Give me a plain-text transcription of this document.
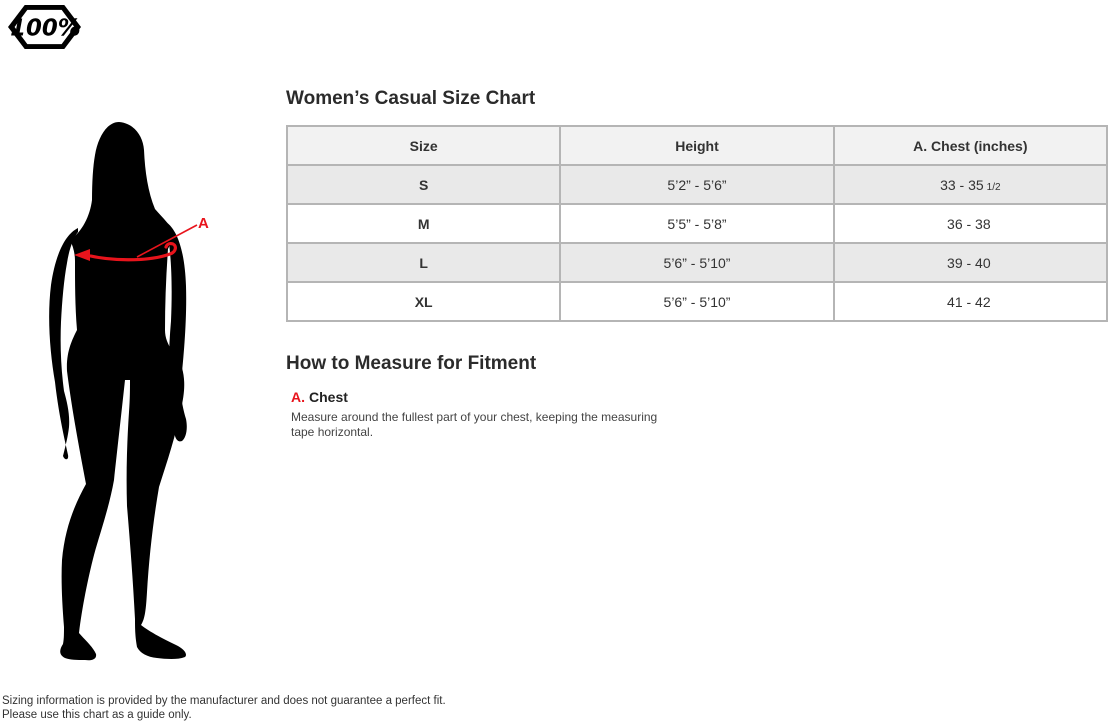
100%
A
Women’s Casual Size Chart
Size	Height	A. Chest (inches)
S	5’2” - 5’6”	33 - 35 1/2
M	5’5” - 5’8”	36 - 38
L	5’6” - 5’10”	39 - 40
XL	5’6” - 5’10”	41 - 42
How to Measure for Fitment
A. Chest

Measure around the fullest part of your chest, keeping the measuring tape horizontal.

Sizing information is provided by the manufacturer and does not guarantee a perfect fit.
Please use this chart as a guide only.
